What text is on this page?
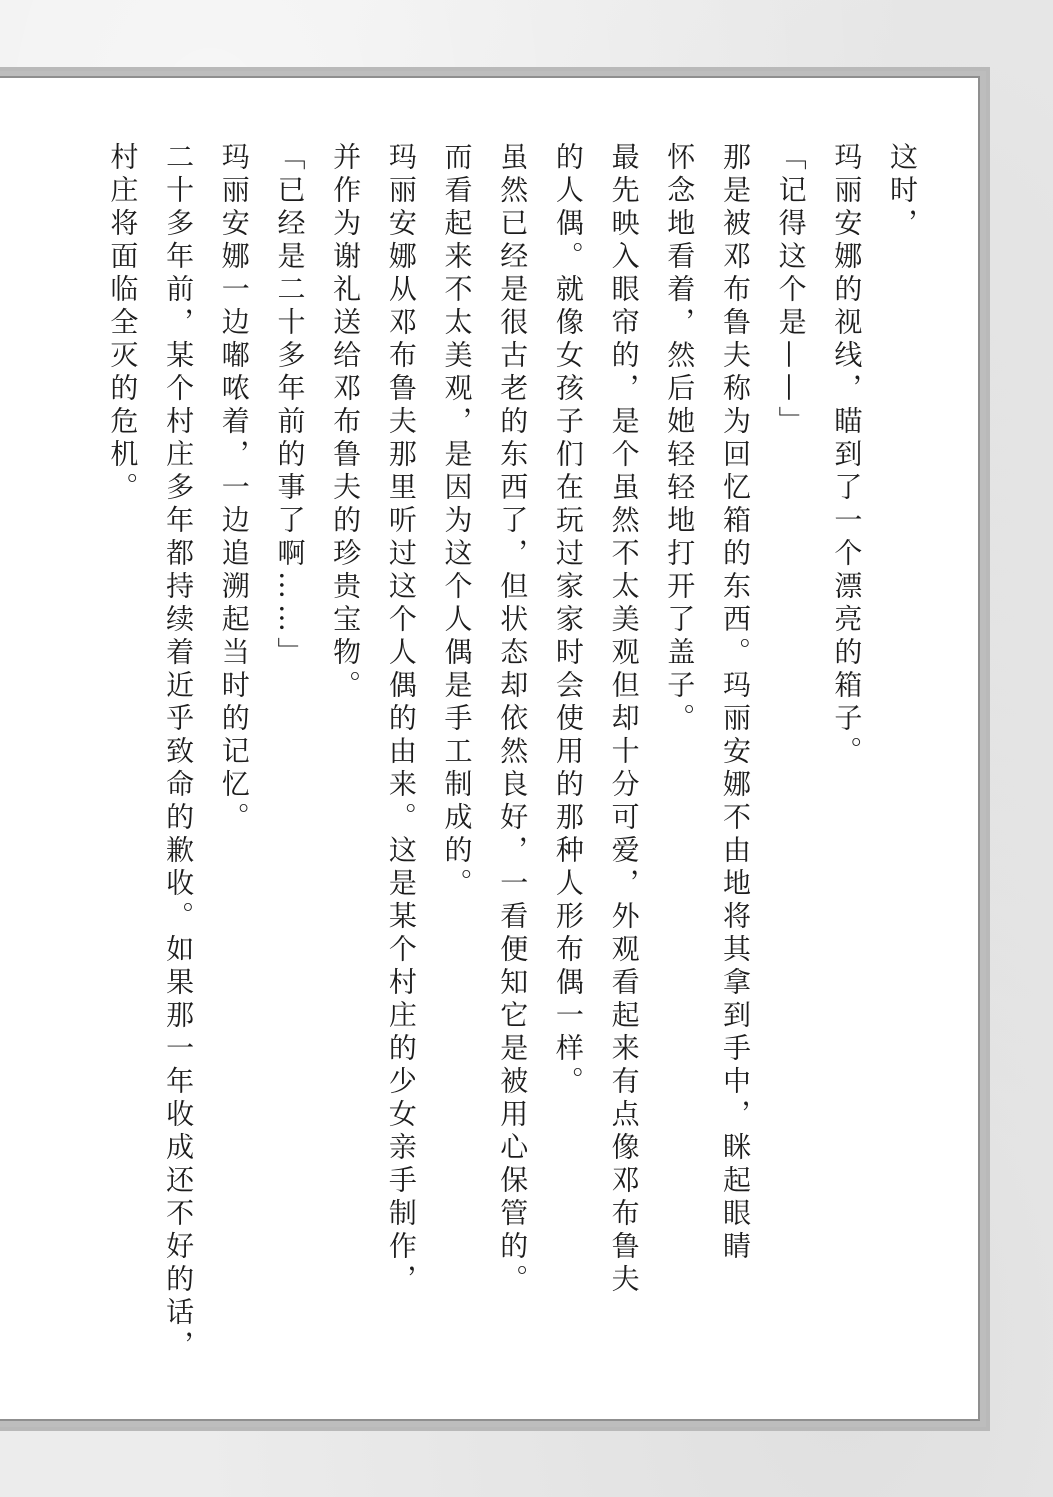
这时，
玛丽安娜的视线，瞄到了一个漂亮的箱子。
「记得这个是——」
那是被邓布鲁夫称为回忆箱的东西。玛丽安娜不由地将其拿到手中，眯起眼睛
怀念地看着，然后她轻轻地打开了盖子。
最先映入眼帘的，是个虽然不太美观但却十分可爱，外观看起来有点像邓布鲁夫
的人偶。就像女孩子们在玩过家家时会使用的那种人形布偶一样。
虽然已经是很古老的东西了，但状态却依然良好，一看便知它是被用心保管的。
而看起来不太美观，是因为这个人偶是手工制成的。
玛丽安娜从邓布鲁夫那里听过这个人偶的由来。这是某个村庄的少女亲手制作，
并作为谢礼送给邓布鲁夫的珍贵宝物。
「已经是二十多年前的事了啊……」
玛丽安娜一边嘟哝着，一边追溯起当时的记忆。
二十多年前，某个村庄多年都持续着近乎致命的歉收。如果那一年收成还不好的话，
村庄将面临全灭的危机。
